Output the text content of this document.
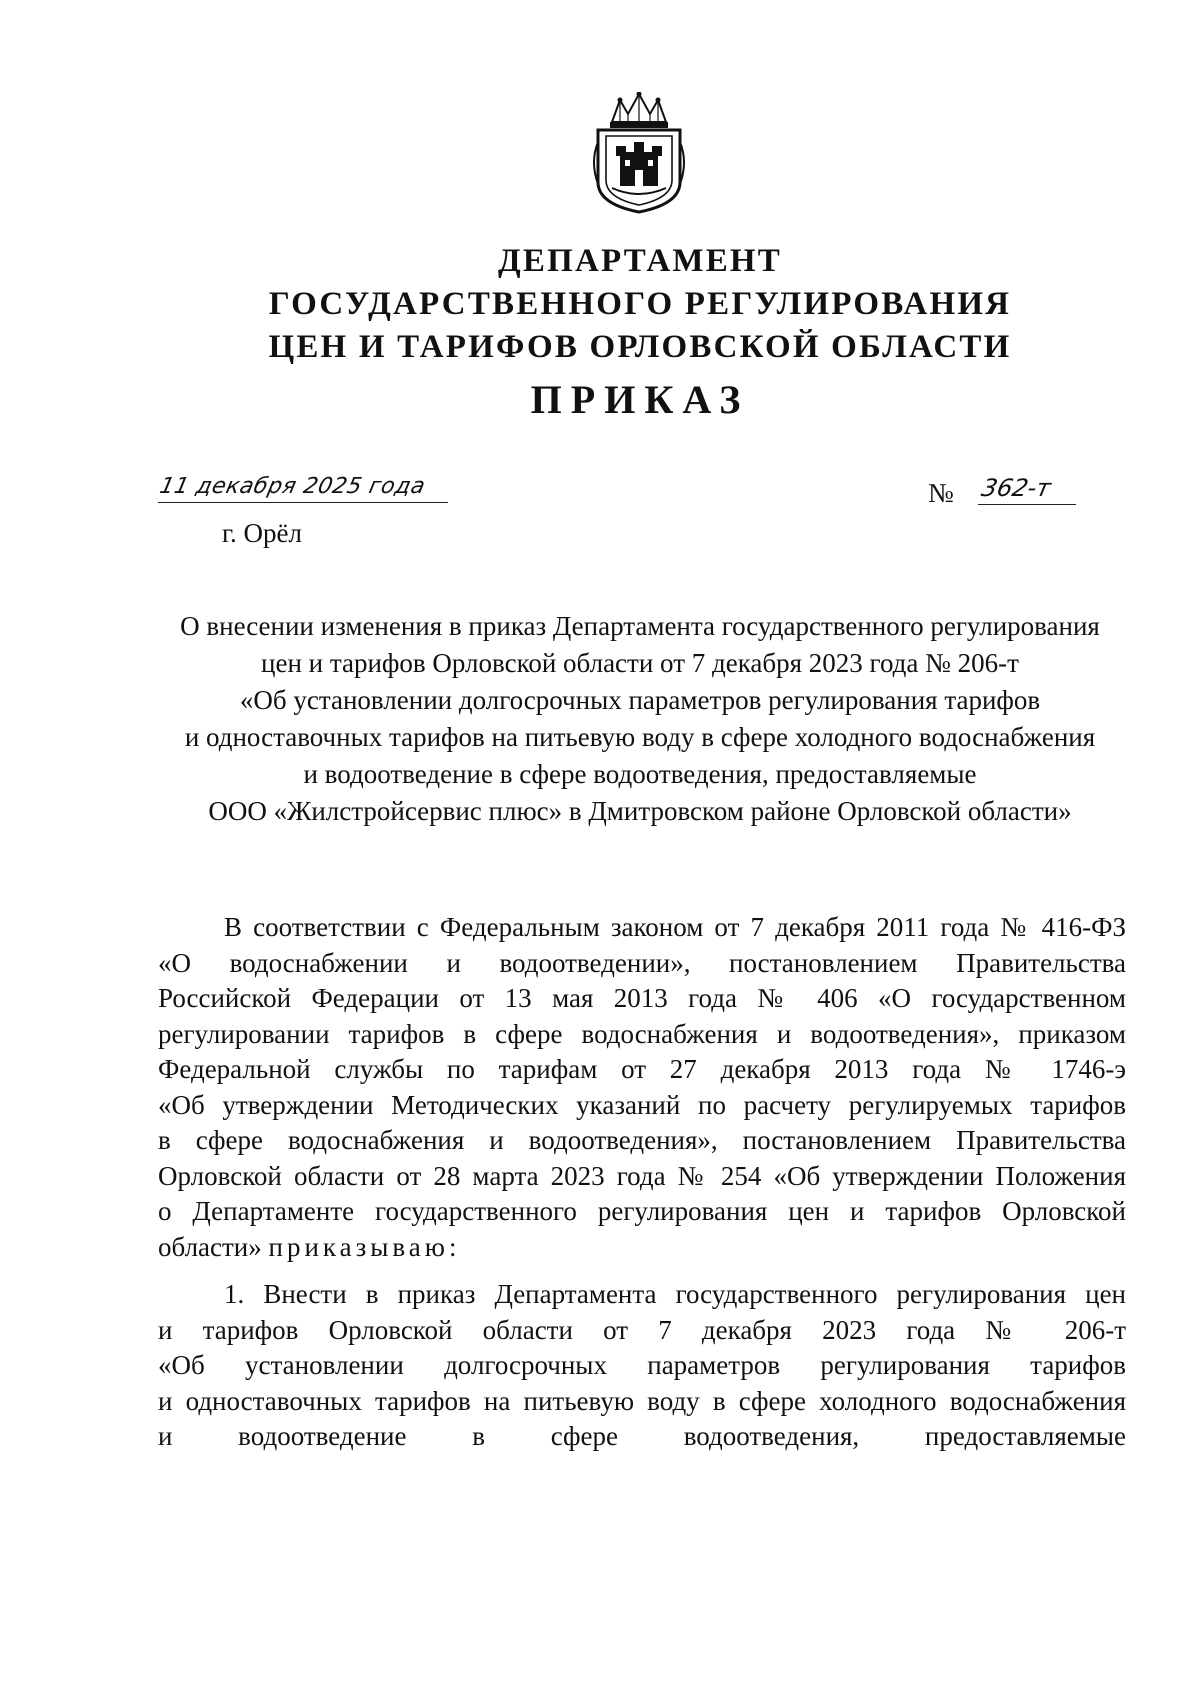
ДЕПАРТАМЕНТ
ГОСУДАРСТВЕННОГО РЕГУЛИРОВАНИЯ
ЦЕН И ТАРИФОВ ОРЛОВСКОЙ ОБЛАСТИ
ПРИКАЗ
11 декабря 2025 года	№ 362-т
г. Орёл
О внесении изменения в приказ Департамента государственного регулирования
цен и тарифов Орловской области от 7 декабря 2023 года № 206-т
«Об установлении долгосрочных параметров регулирования тарифов
и одноставочных тарифов на питьевую воду в сфере холодного водоснабжения
и водоотведение в сфере водоотведения, предоставляемые
ООО «Жилстройсервис плюс» в Дмитровском районе Орловской области»
В соответствии с Федеральным законом от 7 декабря 2011 года № 416-ФЗ
«О водоснабжении и водоотведении», постановлением Правительства
Российской Федерации от 13 мая 2013 года № 406 «О государственном
регулировании тарифов в сфере водоснабжения и водоотведения», приказом
Федеральной службы по тарифам от 27 декабря 2013 года № 1746-э
«Об утверждении Методических указаний по расчету регулируемых тарифов
в сфере водоснабжения и водоотведения», постановлением Правительства
Орловской области от 28 марта 2023 года № 254 «Об утверждении Положения
о Департаменте государственного регулирования цен и тарифов Орловской
области» приказываю:
1. Внести в приказ Департамента государственного регулирования цен
и тарифов Орловской области от 7 декабря 2023 года № 206-т
«Об установлении долгосрочных параметров регулирования тарифов
и одноставочных тарифов на питьевую воду в сфере холодного водоснабжения
и водоотведение в сфере водоотведения, предоставляемые
